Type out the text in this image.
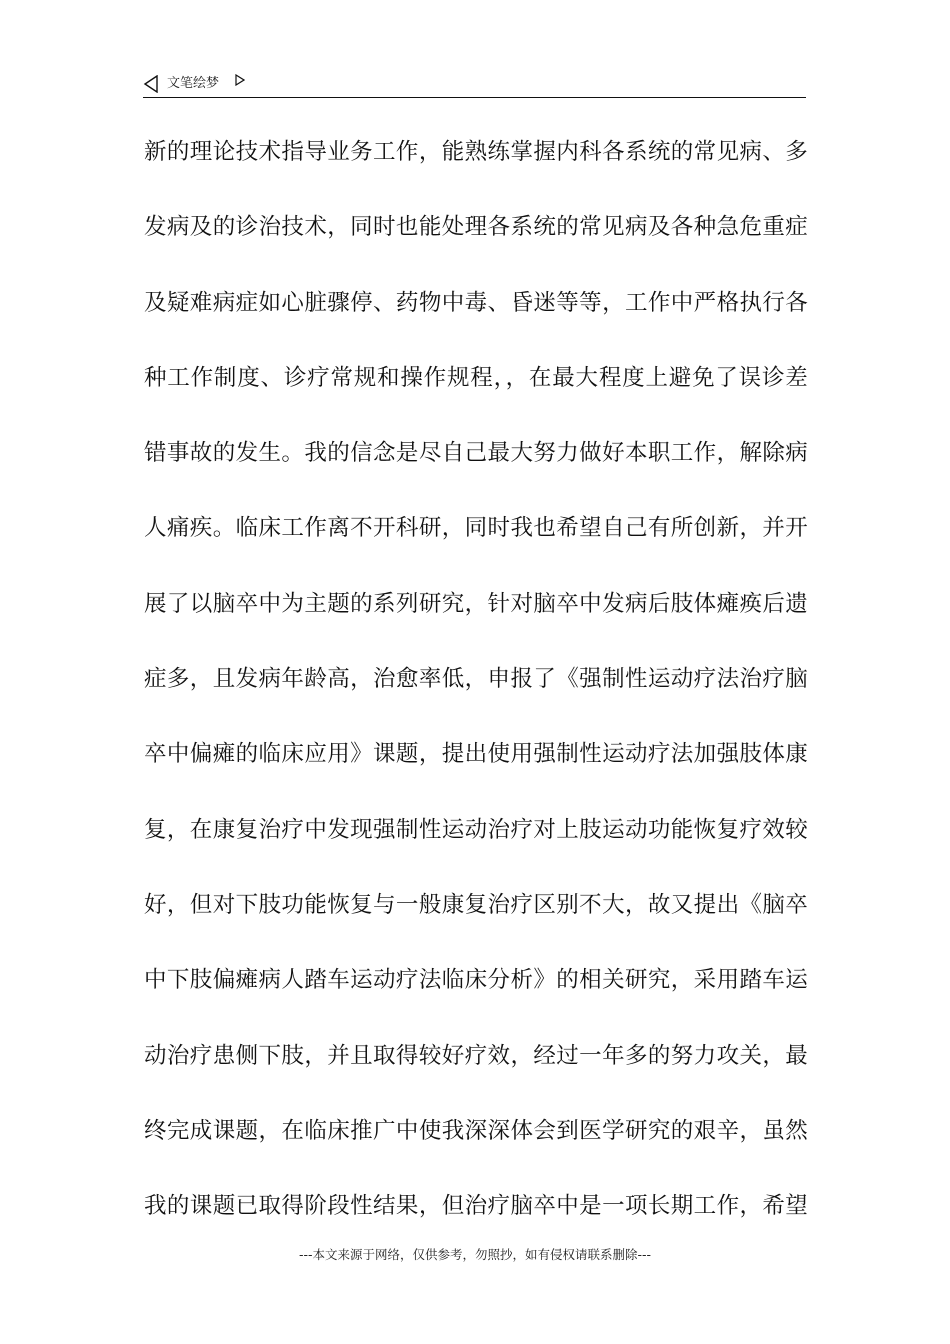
文笔绘梦
新的理论技术指导业务工作，能熟练掌握内科各系统的常见病、多
发病及的诊治技术，同时也能处理各系统的常见病及各种急危重症
及疑难病症如心脏骤停、药物中毒、昏迷等等，工作中严格执行各
种工作制度、诊疗常规和操作规程，，在最大程度上避免了误诊差
错事故的发生。我的信念是尽自己最大努力做好本职工作，解除病
人痛疾。临床工作离不开科研，同时我也希望自己有所创新，并开
展了以脑卒中为主题的系列研究，针对脑卒中发病后肢体瘫痪后遗
症多，且发病年龄高，治愈率低，申报了《强制性运动疗法治疗脑
卒中偏瘫的临床应用》课题，提出使用强制性运动疗法加强肢体康
复，在康复治疗中发现强制性运动治疗对上肢运动功能恢复疗效较
好，但对下肢功能恢复与一般康复治疗区别不大，故又提出《脑卒
中下肢偏瘫病人踏车运动疗法临床分析》的相关研究，采用踏车运
动治疗患侧下肢，并且取得较好疗效，经过一年多的努力攻关，最
终完成课题，在临床推广中使我深深体会到医学研究的艰辛，虽然
我的课题已取得阶段性结果，但治疗脑卒中是一项长期工作，希望
---本文来源于网络，仅供参考，勿照抄，如有侵权请联系删除---
